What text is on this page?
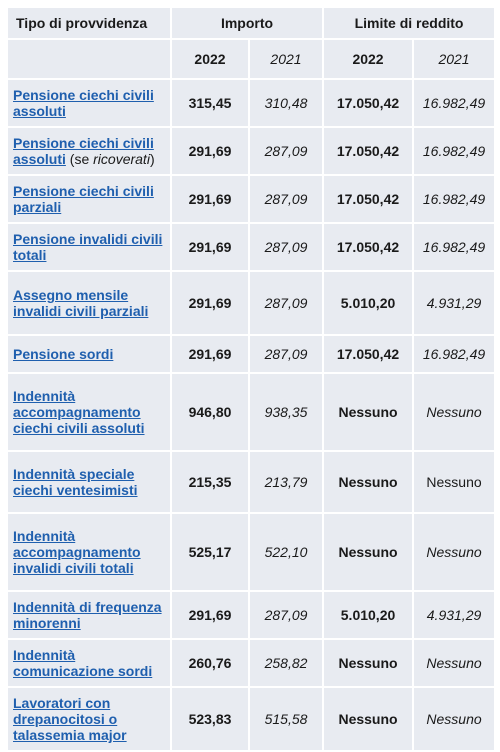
Tipo di provvidenza	Importo		Limite di reddito	
	2022	2021	2022	2021
Pensione ciechi civili assoluti	315,45	310,48	17.050,42	16.982,49
Pensione ciechi civili assoluti (se ricoverati)	291,69	287,09	17.050,42	16.982,49
Pensione ciechi civili parziali	291,69	287,09	17.050,42	16.982,49
Pensione invalidi civili totali	291,69	287,09	17.050,42	16.982,49
Assegno mensile invalidi civili parziali	291,69	287,09	5.010,20	4.931,29
Pensione sordi	291,69	287,09	17.050,42	16.982,49
Indennità accompagnamento ciechi civili assoluti	946,80	938,35	Nessuno	Nessuno
Indennità speciale ciechi ventesimisti	215,35	213,79	Nessuno	Nessuno
Indennità accompagnamento invalidi civili totali	525,17	522,10	Nessuno	Nessuno
Indennità di frequenza minorenni	291,69	287,09	5.010,20	4.931,29
Indennità comunicazione sordi	260,76	258,82	Nessuno	Nessuno
Lavoratori con drepanocitosi o talassemia major	523,83	515,58	Nessuno	Nessuno
